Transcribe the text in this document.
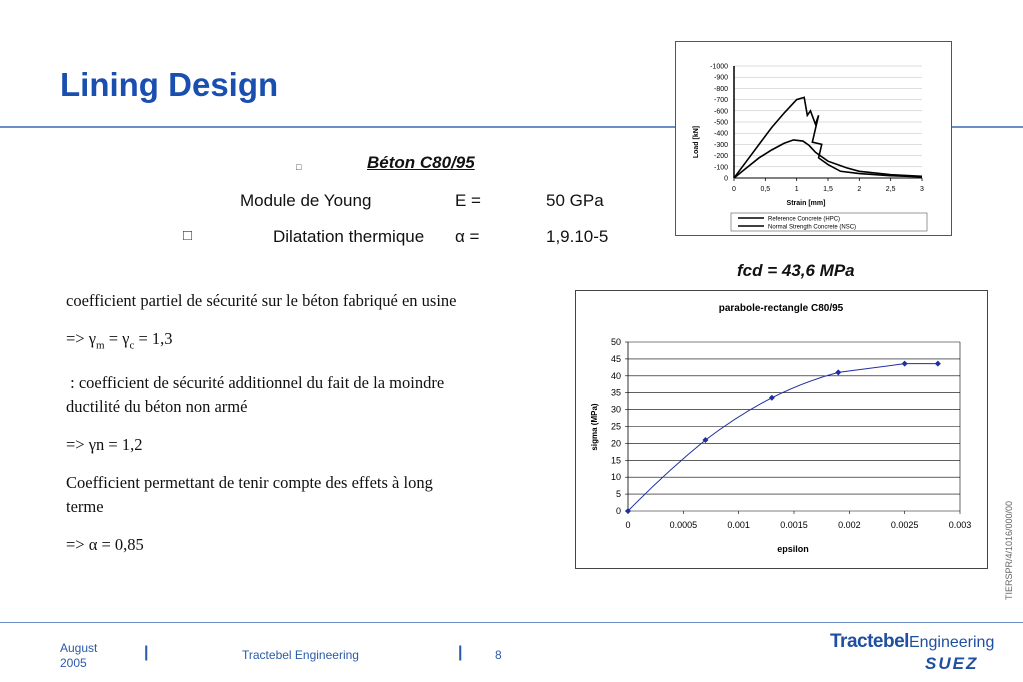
Lining Design
□	Béton C80/95
Module de Young	E =	50 GPa
□	Dilatation thermique α =	1,9.10-5
fcd = 43,6 MPa
coefficient partiel de sécurité sur le béton fabriqué en usine
=> $\gamma_m = \gamma_c = 1,3$
: coefficient de sécurité additionnel du fait de la moindre
ductilité du béton non armé
=> γn = 1,2
Coefficient permettant de tenir compte des effets à long
terme
=> α = 0,85
-1000
-900
-800
-700
-600
-500
-400
-300
-200
-100
0
0	0,5	1	1,5	2	2,5	3
Strain [mm]
Load [kN]
Reference Concrete (HPC)
Normal Strength Concrete (NSC)
parabole-rectangle C80/95
0
5
10
15
20
25
30
35
40
45
50
0	0.0005	0.001	0.0015	0.002	0.0025	0.003
epsilon
sigma (MPa)
TIERSPR/4/1016/000/00
August
2005
|	Tractebel Engineering	|	8
TractebelEngineering
SUEZ
